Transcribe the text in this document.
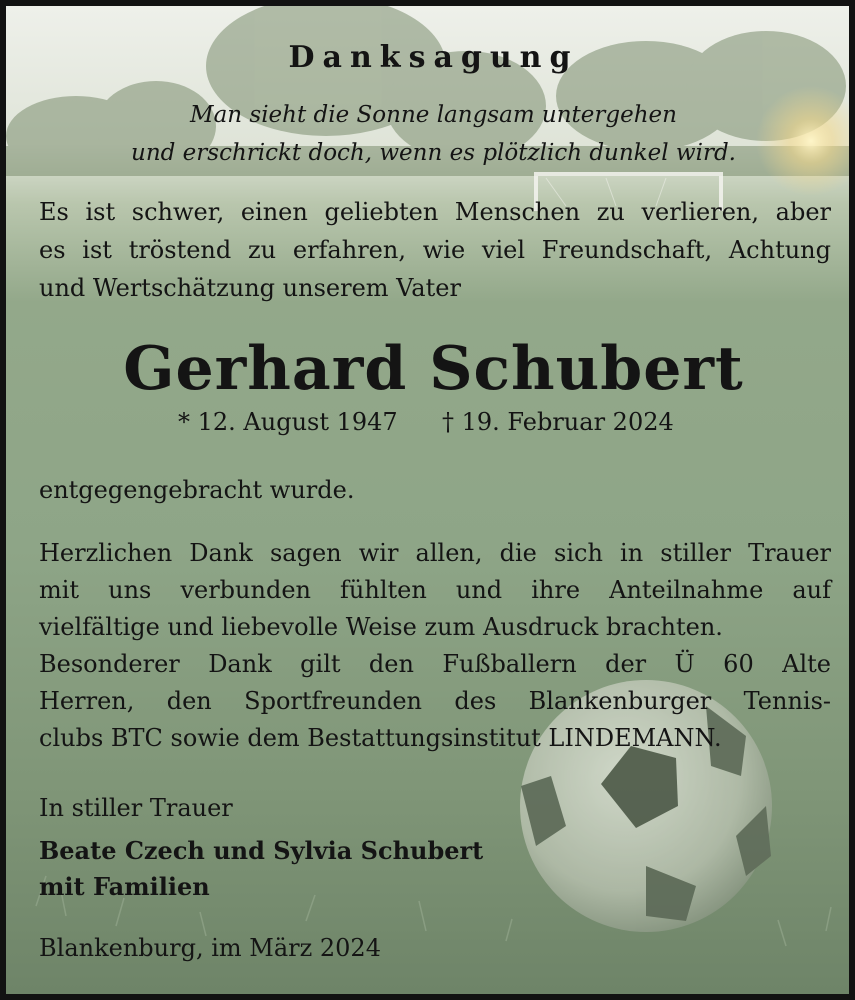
Danksagung
Man sieht die Sonne langsam untergehen
und erschrickt doch, wenn es plötzlich dunkel wird.
Es ist schwer, einen geliebten Menschen zu verlieren, aber
es ist tröstend zu erfahren, wie viel Freundschaft, Achtung
und Wertschätzung unserem Vater
Gerhard Schubert
* 12. August 1947 † 19. Februar 2024
entgegengebracht wurde.
Herzlichen Dank sagen wir allen, die sich in stiller Trauer
mit uns verbunden fühlten und ihre Anteilnahme auf
vielfältige und liebevolle Weise zum Ausdruck brachten.
Besonderer Dank gilt den Fußballern der Ü 60 Alte
Herren, den Sportfreunden des Blankenburger Tennis-
clubs BTC sowie dem Bestattungsinstitut LINDEMANN.
In stiller Trauer
Beate Czech und Sylvia Schubert
mit Familien
Blankenburg, im März 2024
